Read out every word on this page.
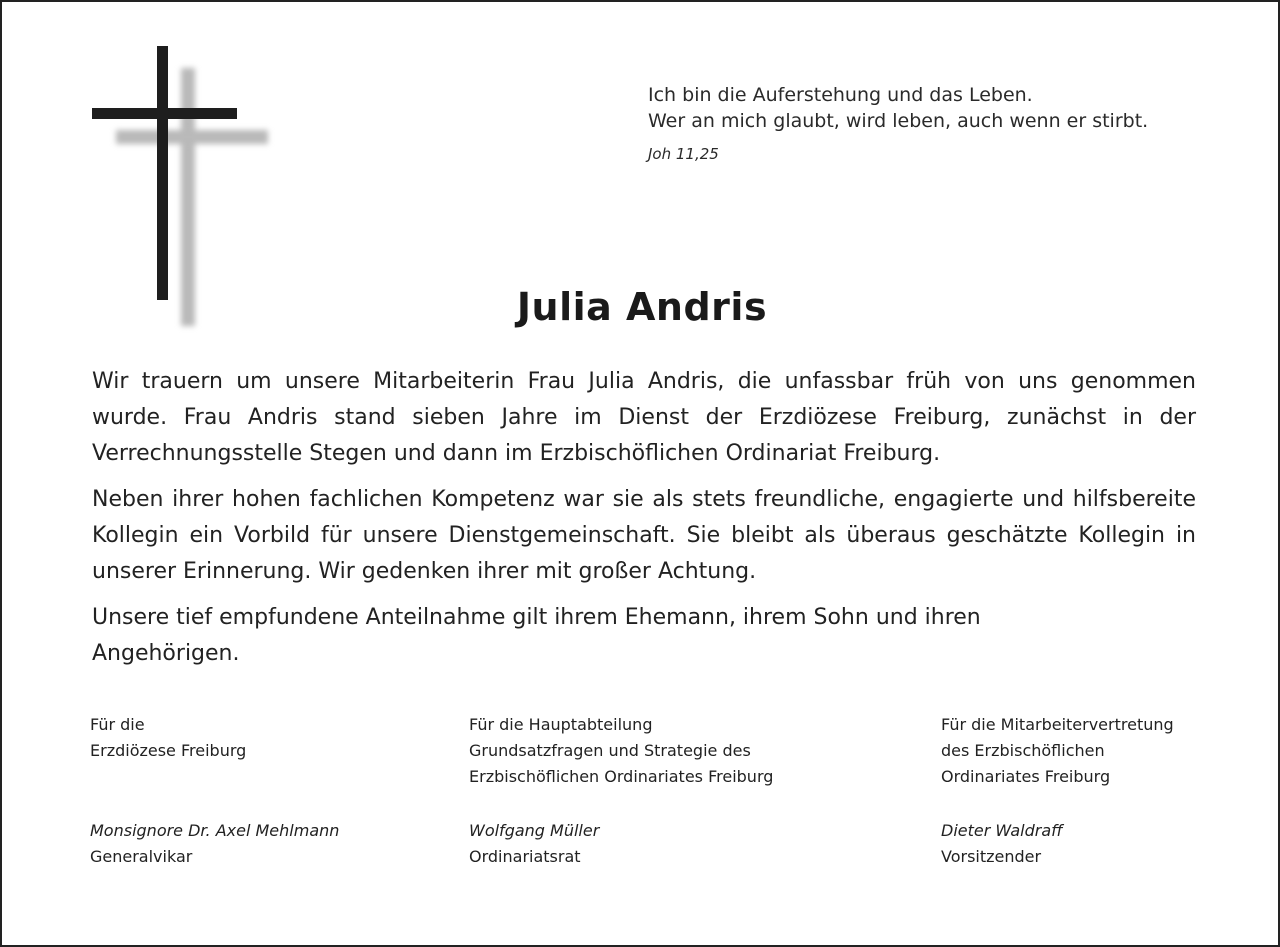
Ich bin die Auferstehung und das Leben.
Wer an mich glaubt, wird leben, auch wenn er stirbt.
Joh 11,25
Julia Andris

Wir trauern um unsere Mitarbeiterin Frau Julia Andris, die unfassbar früh von uns genommen wurde. Frau Andris stand sieben Jahre im Dienst der Erzdiözese Freiburg, zunächst in der Verrechnungsstelle Stegen und dann im Erzbischöflichen Ordinariat Freiburg.

Neben ihrer hohen fachlichen Kompetenz war sie als stets freundliche, engagierte und hilfsbereite Kollegin ein Vorbild für unsere Dienstgemeinschaft. Sie bleibt als überaus geschätzte Kollegin in unserer Erinnerung. Wir gedenken ihrer mit großer Achtung.

Unsere tief empfundene Anteilnahme gilt ihrem Ehemann, ihrem Sohn und ihren Angehörigen.

Für die
Erzdiözese Freiburg
Monsignore Dr. Axel Mehlmann
Generalvikar
Für die Hauptabteilung
Grundsatzfragen und Strategie des
Erzbischöflichen Ordinariates Freiburg
Wolfgang Müller
Ordinariatsrat
Für die Mitarbeitervertretung
des Erzbischöflichen
Ordinariates Freiburg
Dieter Waldraff
Vorsitzender
